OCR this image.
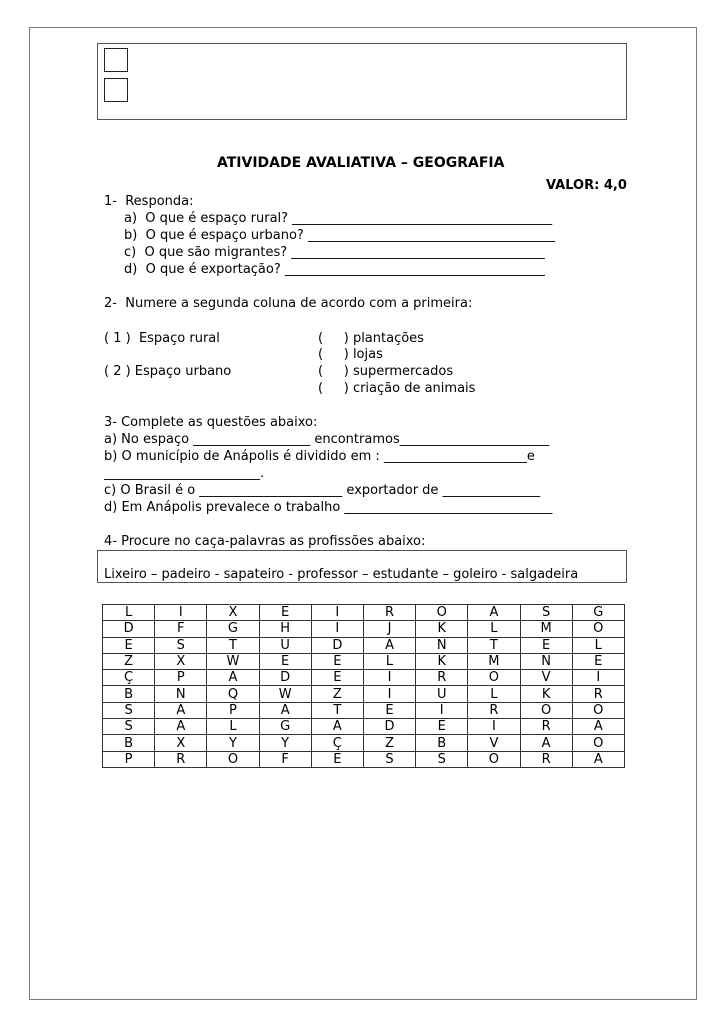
ATIVIDADE AVALIATIVA – GEOGRAFIA
VALOR: 4,0
1-  Responda:
a)  O que é espaço rural? ________________________________________
b)  O que é espaço urbano? ______________________________________
c)  O que são migrantes? _______________________________________
d)  O que é exportação? ________________________________________
2-  Numere a segunda coluna de acordo com a primeira:
( 1 )  Espaço rural
( 2 ) Espaço urbano
(     ) plantações
(     ) lojas
(     ) supermercados
(     ) criação de animais
3- Complete as questões abaixo:
a) No espaço __________________ encontramos_______________________
b) O município de Anápolis é dividido em : ______________________e
________________________.
c) O Brasil é o ______________________ exportador de _______________
d) Em Anápolis prevalece o trabalho ________________________________
4- Procure no caça-palavras as profissões abaixo:
Lixeiro – padeiro - sapateiro - professor – estudante – goleiro - salgadeira
L	I	X	E	I	R	O	A	S	G
D	F	G	H	I	J	K	L	M	O
E	S	T	U	D	A	N	T	E	L
Z	X	W	E	E	L	K	M	N	E
Ç	P	A	D	E	I	R	O	V	I
B	N	Q	W	Z	I	U	L	K	R
S	A	P	A	T	E	I	R	O	O
S	A	L	G	A	D	E	I	R	A
B	X	Y	Y	Ç	Z	B	V	A	O
P	R	O	F	E	S	S	O	R	A
